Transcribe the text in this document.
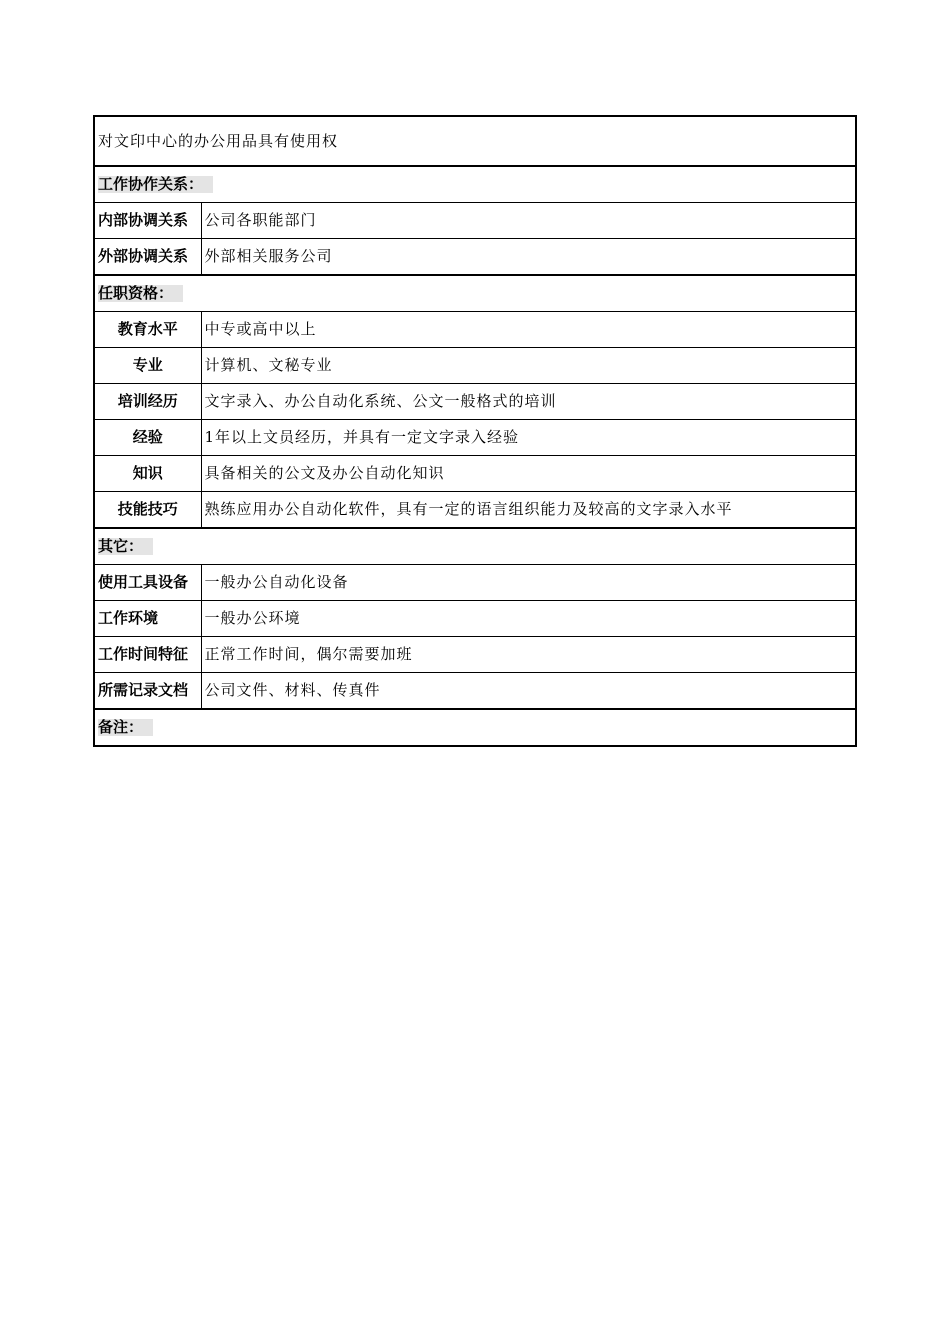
对文印中心的办公用品具有使用权	
工作协作关系：	
内部协调关系	公司各职能部门
外部协调关系	外部相关服务公司
任职资格：	
教育水平	中专或高中以上
专业	计算机、文秘专业
培训经历	文字录入、办公自动化系统、公文一般格式的培训
经验	1年以上文员经历，并具有一定文字录入经验
知识	具备相关的公文及办公自动化知识
技能技巧	熟练应用办公自动化软件，具有一定的语言组织能力及较高的文字录入水平
其它：	
使用工具设备	一般办公自动化设备
工作环境	一般办公环境
工作时间特征	正常工作时间，偶尔需要加班
所需记录文档	公司文件、材料、传真件
备注：	
